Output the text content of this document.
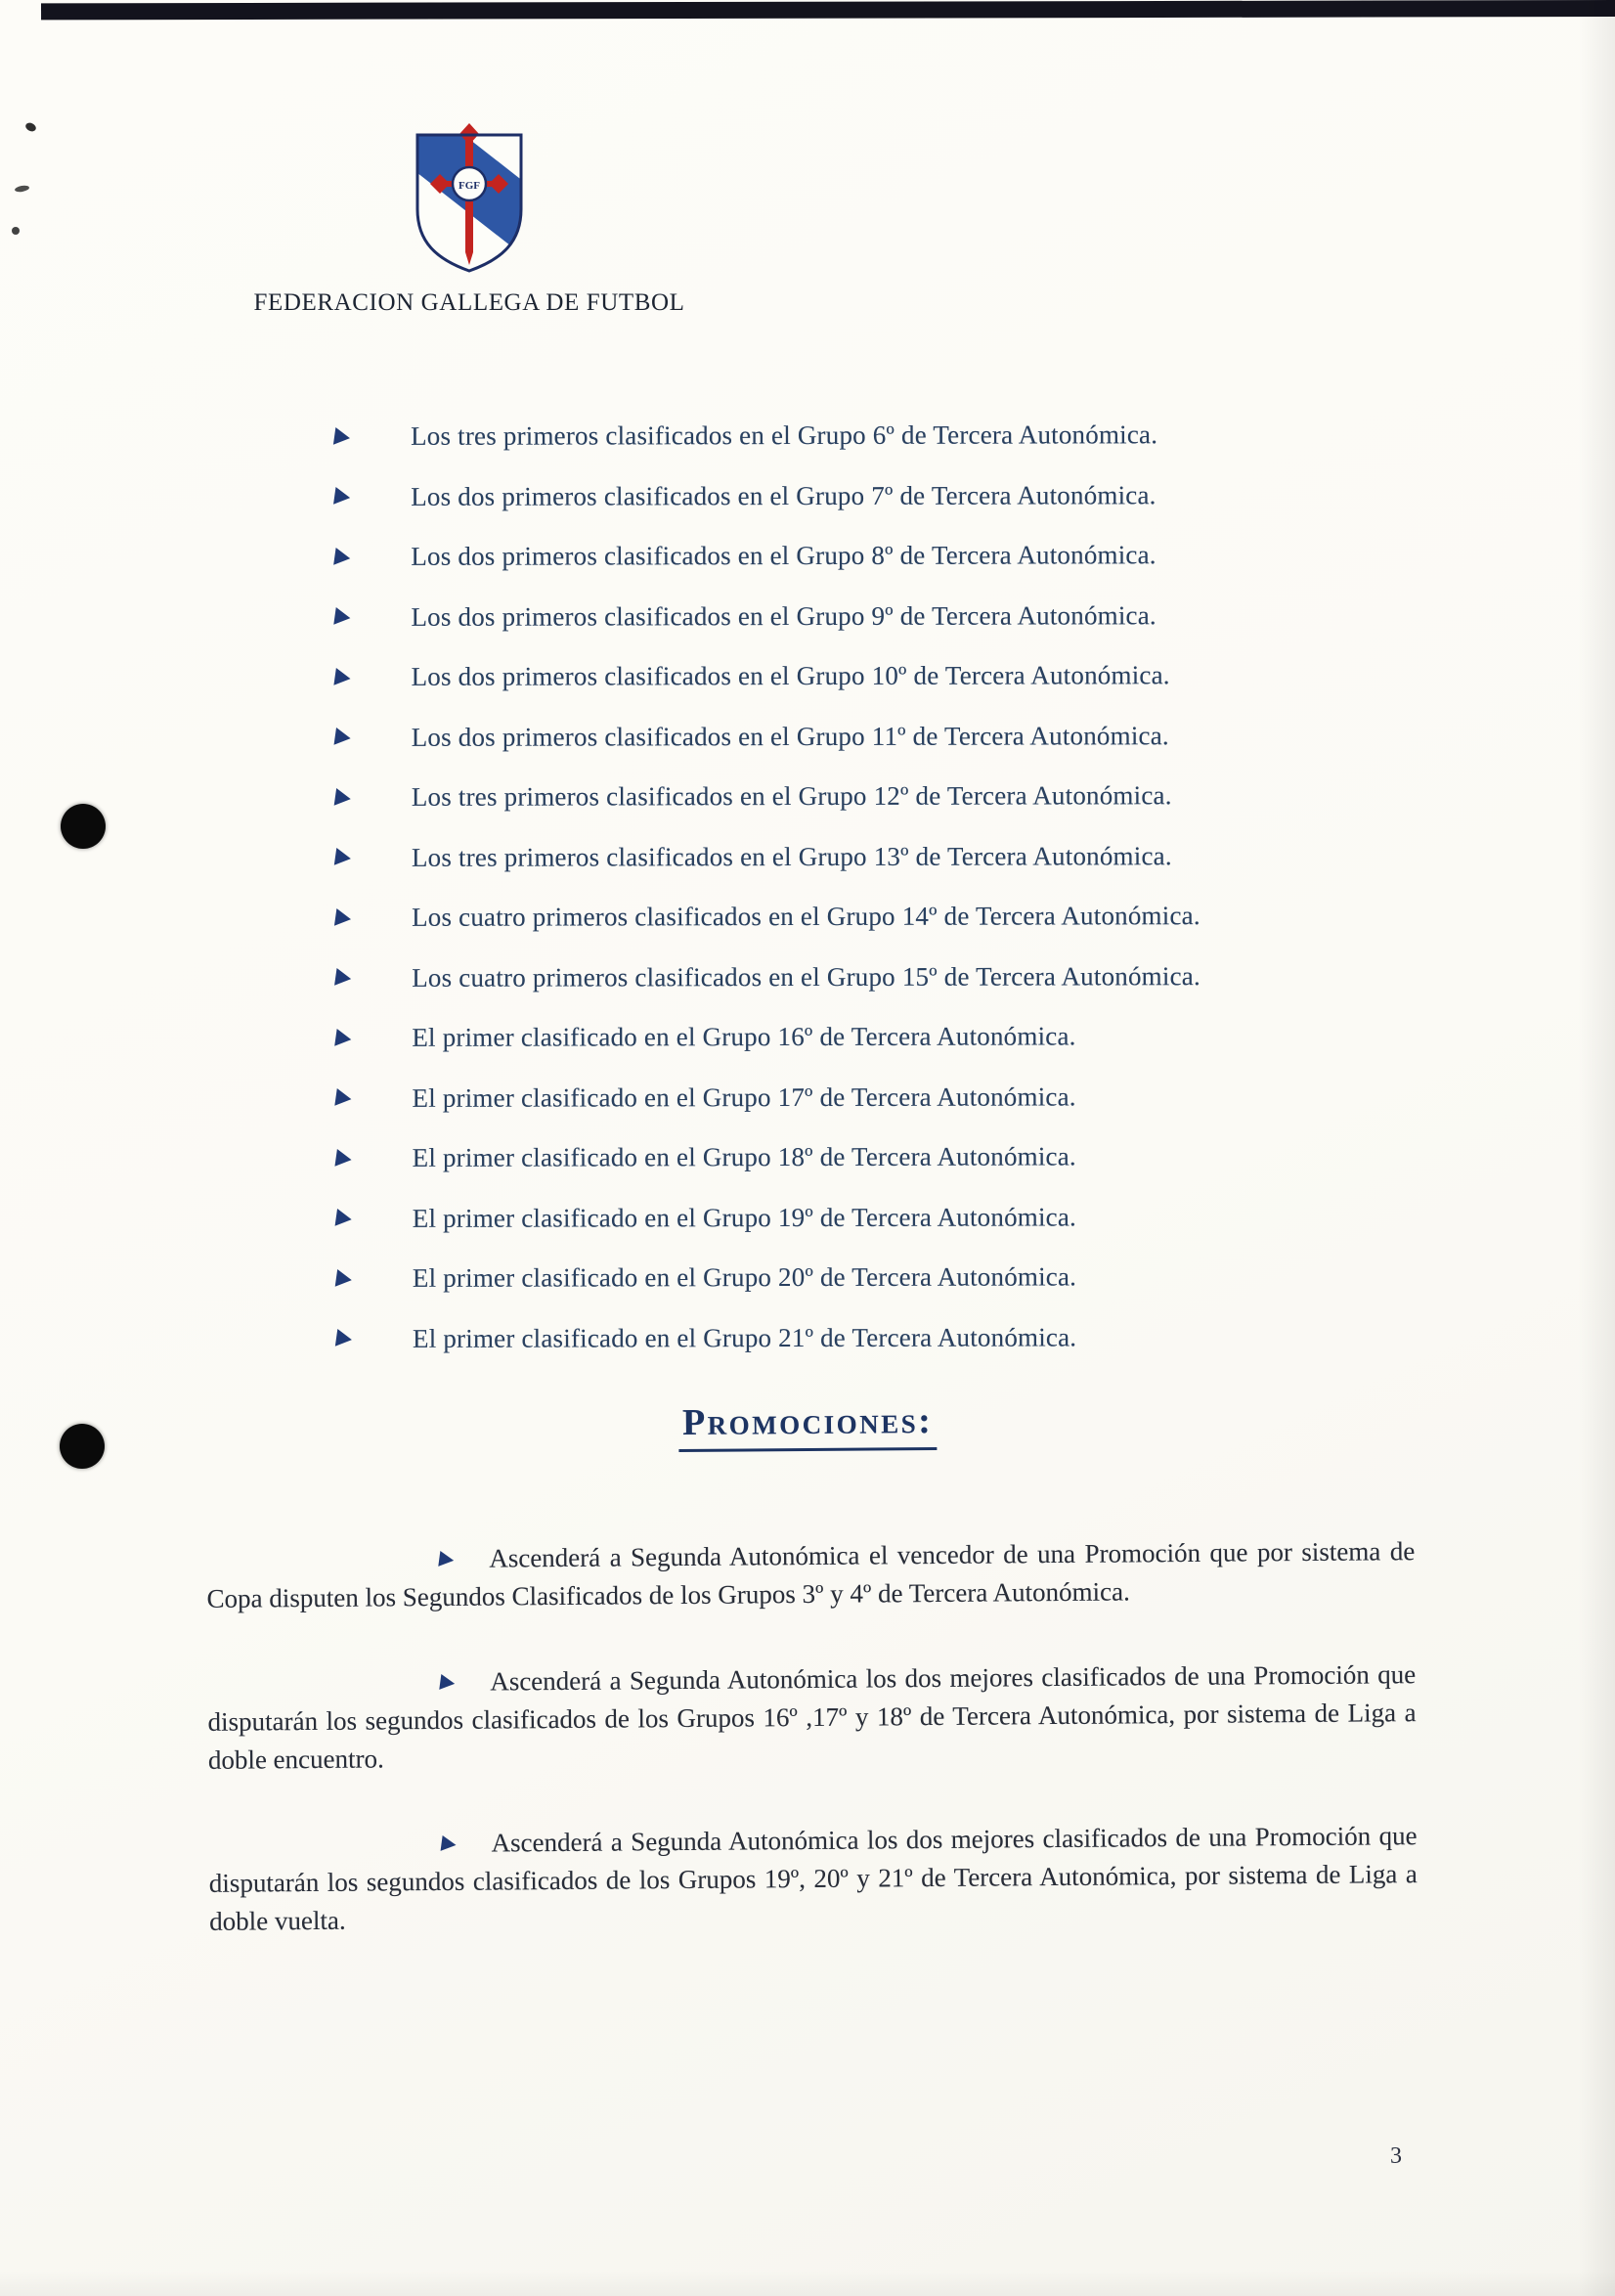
FGF
FEDERACION GALLEGA DE FUTBOL
Los tres primeros clasificados en el Grupo 6º de Tercera Autonómica.
Los dos primeros clasificados en el Grupo 7º de Tercera Autonómica.
Los dos primeros clasificados en el Grupo 8º de Tercera Autonómica.
Los dos primeros clasificados en el Grupo 9º de Tercera Autonómica.
Los dos primeros clasificados en el Grupo 10º de Tercera Autonómica.
Los dos primeros clasificados en el Grupo 11º de Tercera Autonómica.
Los tres primeros clasificados en el Grupo 12º de Tercera Autonómica.
Los tres primeros clasificados en el Grupo 13º de Tercera Autonómica.
Los cuatro primeros clasificados en el Grupo 14º de Tercera Autonómica.
Los cuatro primeros clasificados en el Grupo 15º de Tercera Autonómica.
El primer clasificado en el Grupo 16º de Tercera Autonómica.
El primer clasificado en el Grupo 17º de Tercera Autonómica.
El primer clasificado en el Grupo 18º de Tercera Autonómica.
El primer clasificado en el Grupo 19º de Tercera Autonómica.
El primer clasificado en el Grupo 20º de Tercera Autonómica.
El primer clasificado en el Grupo 21º de Tercera Autonómica.
Promociones:

Ascenderá a Segunda Autonómica el vencedor de una Promoción que por sistema de Copa disputen los Segundos Clasificados de los Grupos 3º y 4º de Tercera Autonómica.

Ascenderá a Segunda Autonómica los dos mejores clasificados de una Promoción que disputarán los segundos clasificados de los Grupos 16º ,17º y 18º de Tercera Autonómica, por sistema de Liga a doble encuentro.

Ascenderá a Segunda Autonómica los dos mejores clasificados de una Promoción que disputarán los segundos clasificados de los Grupos 19º, 20º y 21º de Tercera Autonómica, por sistema de Liga a doble vuelta.

3
